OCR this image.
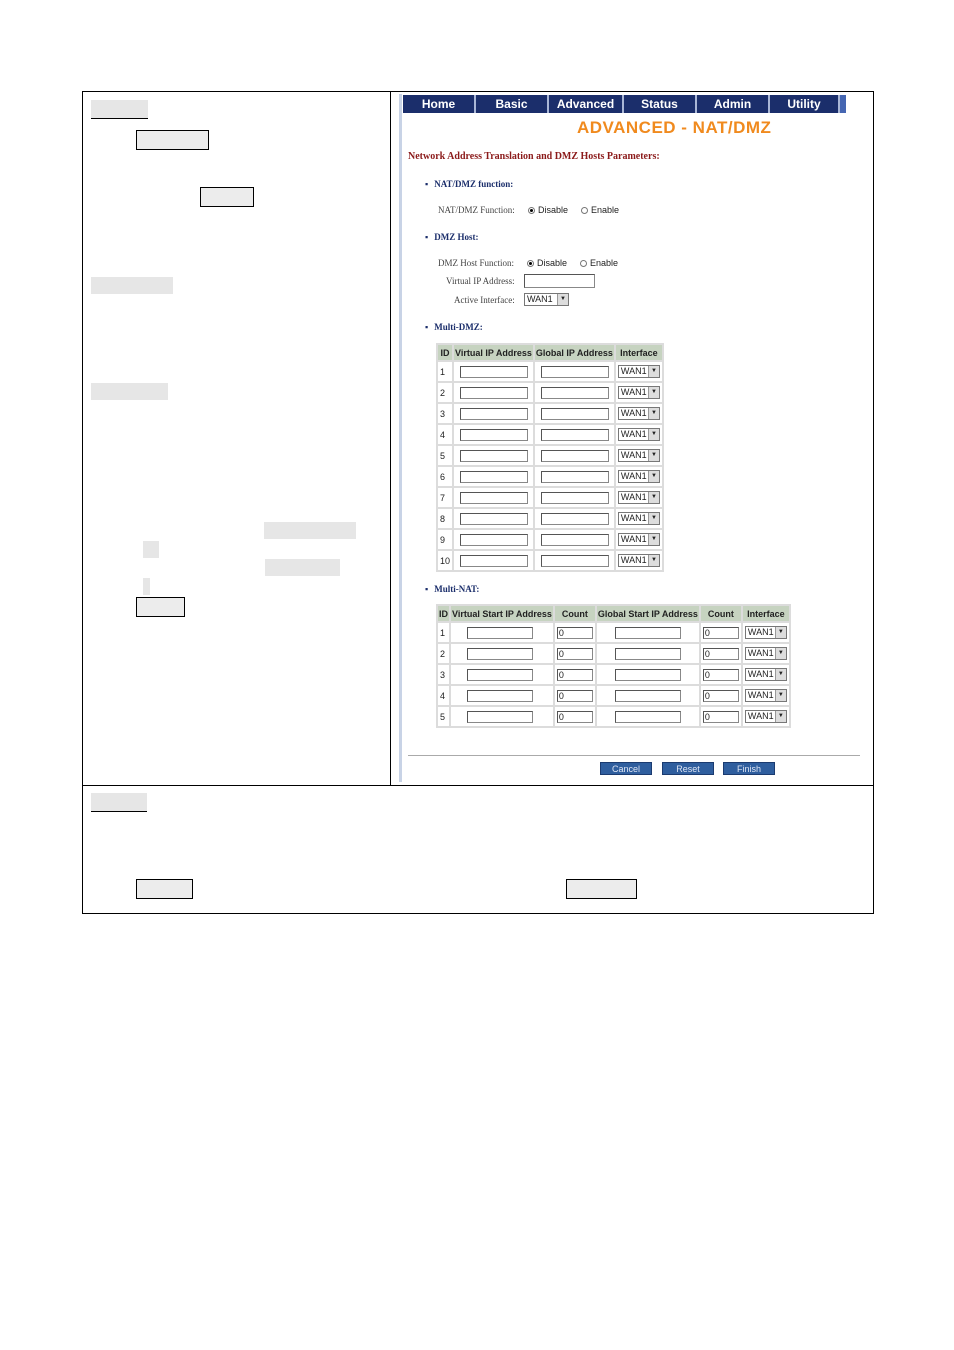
Home	Basic	Advanced	Status	Admin	Utility
ADVANCED - NAT/DMZ
Network Address Translation and DMZ Hosts Parameters:
▪ NAT/DMZ function:
NAT/DMZ Function:	Disable	Enable
▪ DMZ Host:
DMZ Host Function:	Disable	Enable
Virtual IP Address:
Active Interface:	WAN1	▼
▪ Multi-DMZ:
ID	Virtual IP Address	Global IP Address	Interface
1			WAN1 ▼

2			WAN1 ▼

3			WAN1 ▼

4			WAN1 ▼

5			WAN1 ▼

6			WAN1 ▼

7			WAN1 ▼

8			WAN1 ▼

9			WAN1 ▼

10			WAN1 ▼
▪ Multi-NAT:
ID	Virtual Start IP Address	Count	Global Start IP Address	Count	Interface
1		0		0	WAN1 ▼

2		0		0	WAN1 ▼

3		0		0	WAN1 ▼

4		0		0	WAN1 ▼

5		0		0	WAN1 ▼
Cancel	Reset	Finish
